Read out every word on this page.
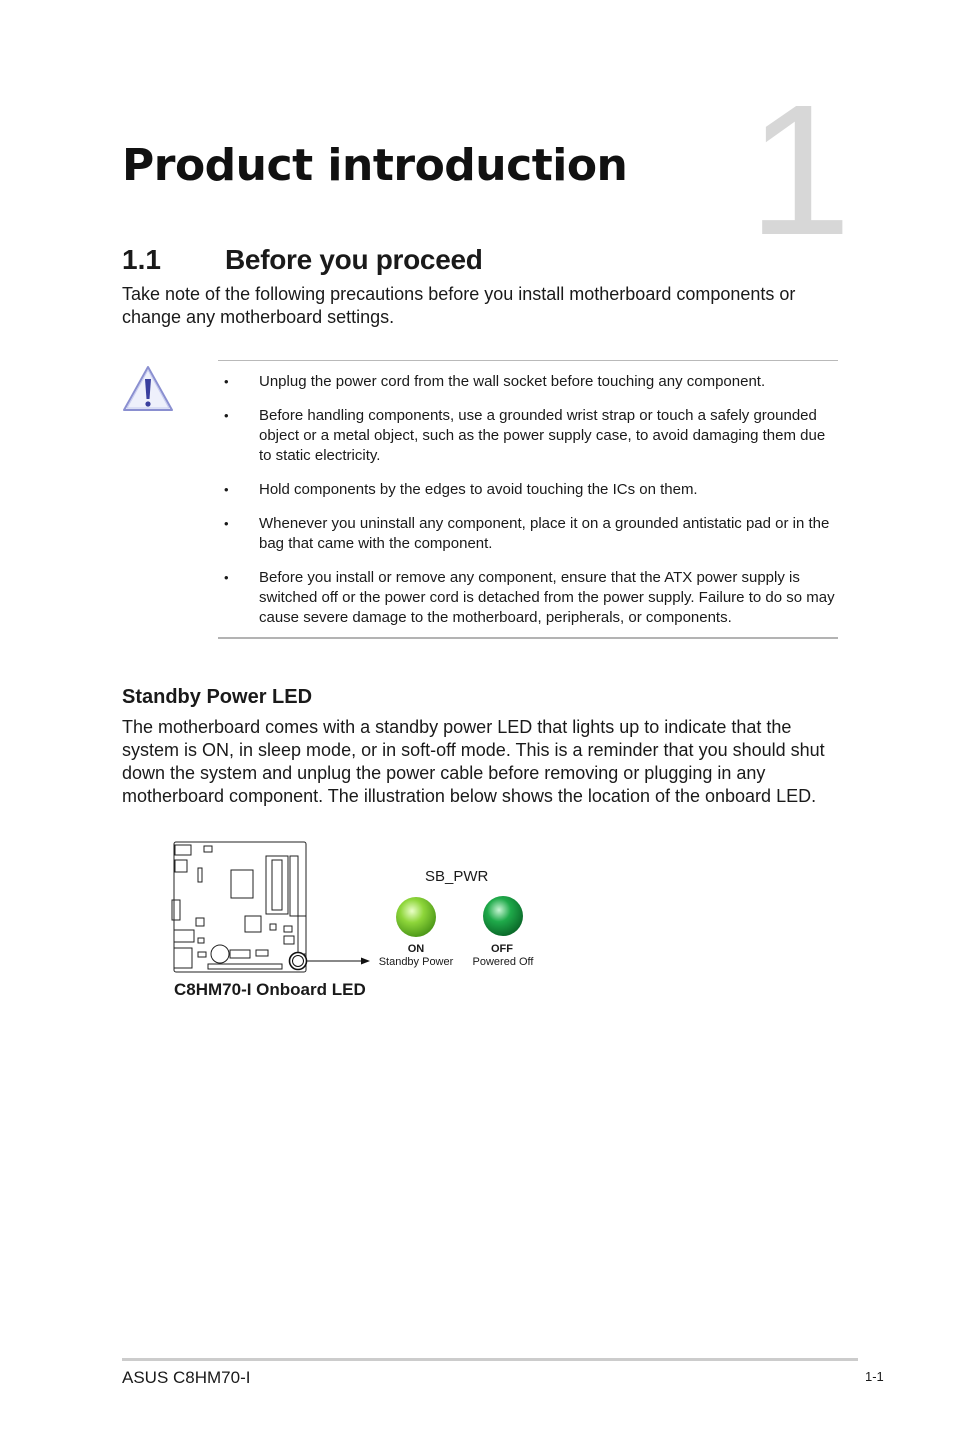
1
Product introduction
1.1 Before you proceed

Take note of the following precautions before you install motherboard components or change any motherboard settings.

• Unplug the power cord from the wall socket before touching any component.
• Before handling components, use a grounded wrist strap or touch a safely grounded object or a metal object, such as the power supply case, to avoid damaging them due to static electricity.
• Hold components by the edges to avoid touching the ICs on them.
• Whenever you uninstall any component, place it on a grounded antistatic pad or in the bag that came with the component.
• Before you install or remove any component, ensure that the ATX power supply is switched off or the power cord is detached from the power supply. Failure to do so may cause severe damage to the motherboard, peripherals, or components.
Standby Power LED

The motherboard comes with a standby power LED that lights up to indicate that the system is ON, in sleep mode, or in soft-off mode. This is a reminder that you should shut down the system and unplug the power cable before removing or plugging in any motherboard component. The illustration below shows the location of the onboard LED.

SB_PWR
ON
Standby Power
OFF
Powered Off
C8HM70-I Onboard LED
ASUS C8HM70-I	1-1
